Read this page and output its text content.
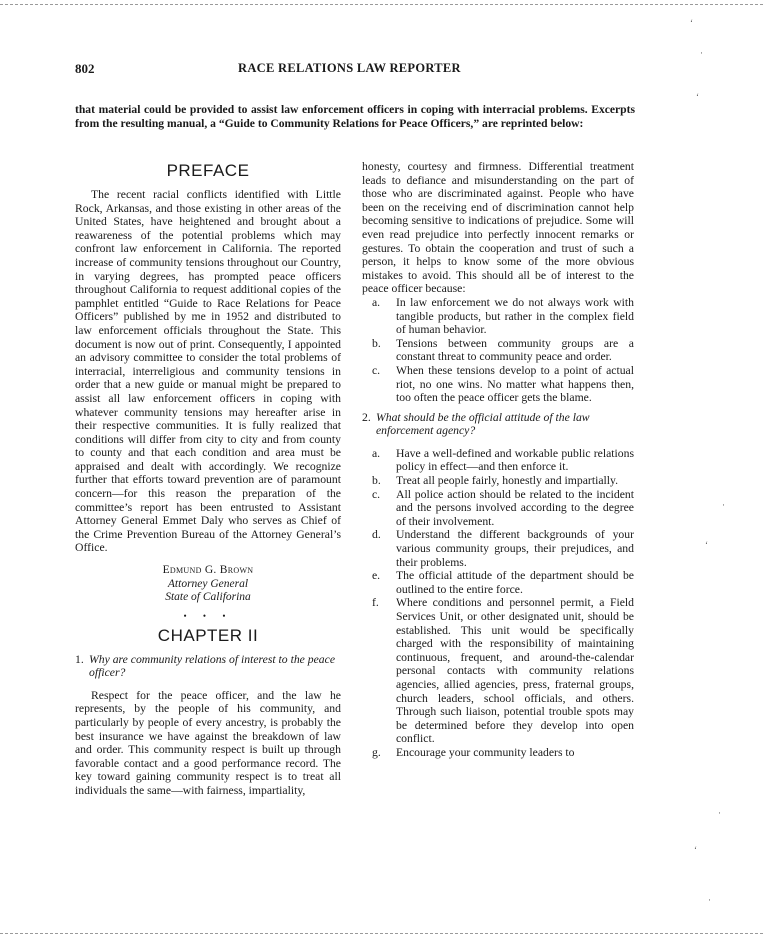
802	RACE RELATIONS LAW REPORTER

that material could be provided to assist law enforcement officers in coping with interracial problems. Excerpts from the resulting manual, a “Guide to Community Relations for Peace Officers,” are reprinted below:

PREFACE

The recent racial conflicts identified with Little Rock, Arkansas, and those existing in other areas of the United States, have heightened and brought about a reawareness of the potential problems which may confront law enforcement in California. The reported increase of community tensions throughout our Country, in varying degrees, has prompted peace officers throughout California to request additional copies of the pamphlet entitled “Guide to Race Relations for Peace Officers” published by me in 1952 and distributed to law enforcement officials throughout the State. This document is now out of print. Consequently, I appointed an advisory committee to consider the total problems of interracial, interreligious and community tensions in order that a new guide or manual might be prepared to assist all law enforcement officers in coping with whatever community tensions may hereafter arise in their respective communities. It is fully realized that conditions will differ from city to city and from county to county and that each condition and area must be appraised and dealt with accordingly. We recognize further that efforts toward prevention are of paramount concern—for this reason the preparation of the committee’s report has been entrusted to Assistant Attorney General Emmet Daly who serves as Chief of the Crime Prevention Bureau of the Attorney General’s Office.

Edmund G. Brown
Attorney General
State of Califorina
• • •
CHAPTER II
1. Why are community relations of interest to the peace officer?

Respect for the peace officer, and the law he represents, by the people of his community, and particularly by people of every ancestry, is probably the best insurance we have against the breakdown of law and order. This community respect is built up through favorable contact and a good performance record. The key toward gaining community respect is to treat all individuals the same—with fairness, impartiality,

honesty, courtesy and firmness. Differential treatment leads to defiance and misunderstanding on the part of those who are discriminated against. People who have been on the receiving end of discrimination cannot help becoming sensitive to indications of prejudice. Some will even read prejudice into perfectly innocent remarks or gestures. To obtain the cooperation and trust of such a person, it helps to know some of the more obvious mistakes to avoid. This should all be of interest to the peace officer because:

a.	In law enforcement we do not always work with tangible products, but rather in the complex field of human behavior.
b.	Tensions between community groups are a constant threat to community peace and order.
c.	When these tensions develop to a point of actual riot, no one wins. No matter what happens then, too often the peace officer gets the blame.
2. What should be the official attitude of the law enforcement agency?
a.	Have a well-defined and workable public relations policy in effect—and then enforce it.
b.	Treat all people fairly, honestly and impartially.
c.	All police action should be related to the incident and the persons involved according to the degree of their involvement.
d.	Understand the different backgrounds of your various community groups, their prejudices, and their problems.
e.	The official attitude of the department should be outlined to the entire force.
f.	Where conditions and personnel permit, a Field Services Unit, or other designated unit, should be established. This unit would be specifically charged with the responsibility of maintaining continuous, frequent, and around-the-calendar personal contacts with community relations agencies, allied agencies, press, fraternal groups, church leaders, school officials, and others. Through such liaison, potential trouble spots may be determined before they develop into open conflict.
g.	Encourage your community leaders to
‘
·
‘
·
‘
·
‘
·
